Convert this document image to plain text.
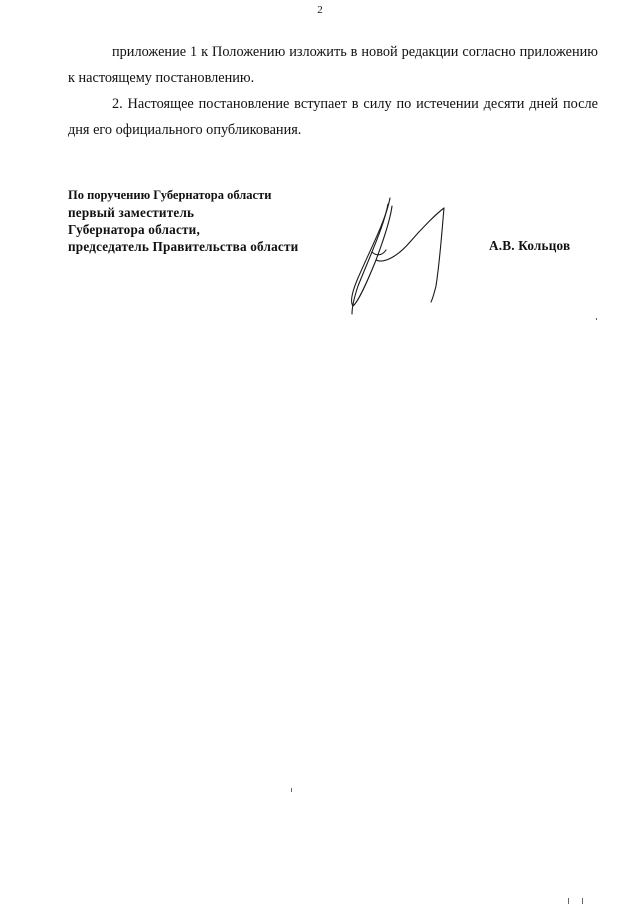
2

приложение 1 к Положению изложить в новой редакции согласно приложению к настоящему постановлению.

2. Настоящее постановление вступает в силу по истечении десяти дней после дня его официального опубликования.

По поручению Губернатора области
первый заместитель
Губернатора области,
председатель Правительства области	А.В. Кольцов
